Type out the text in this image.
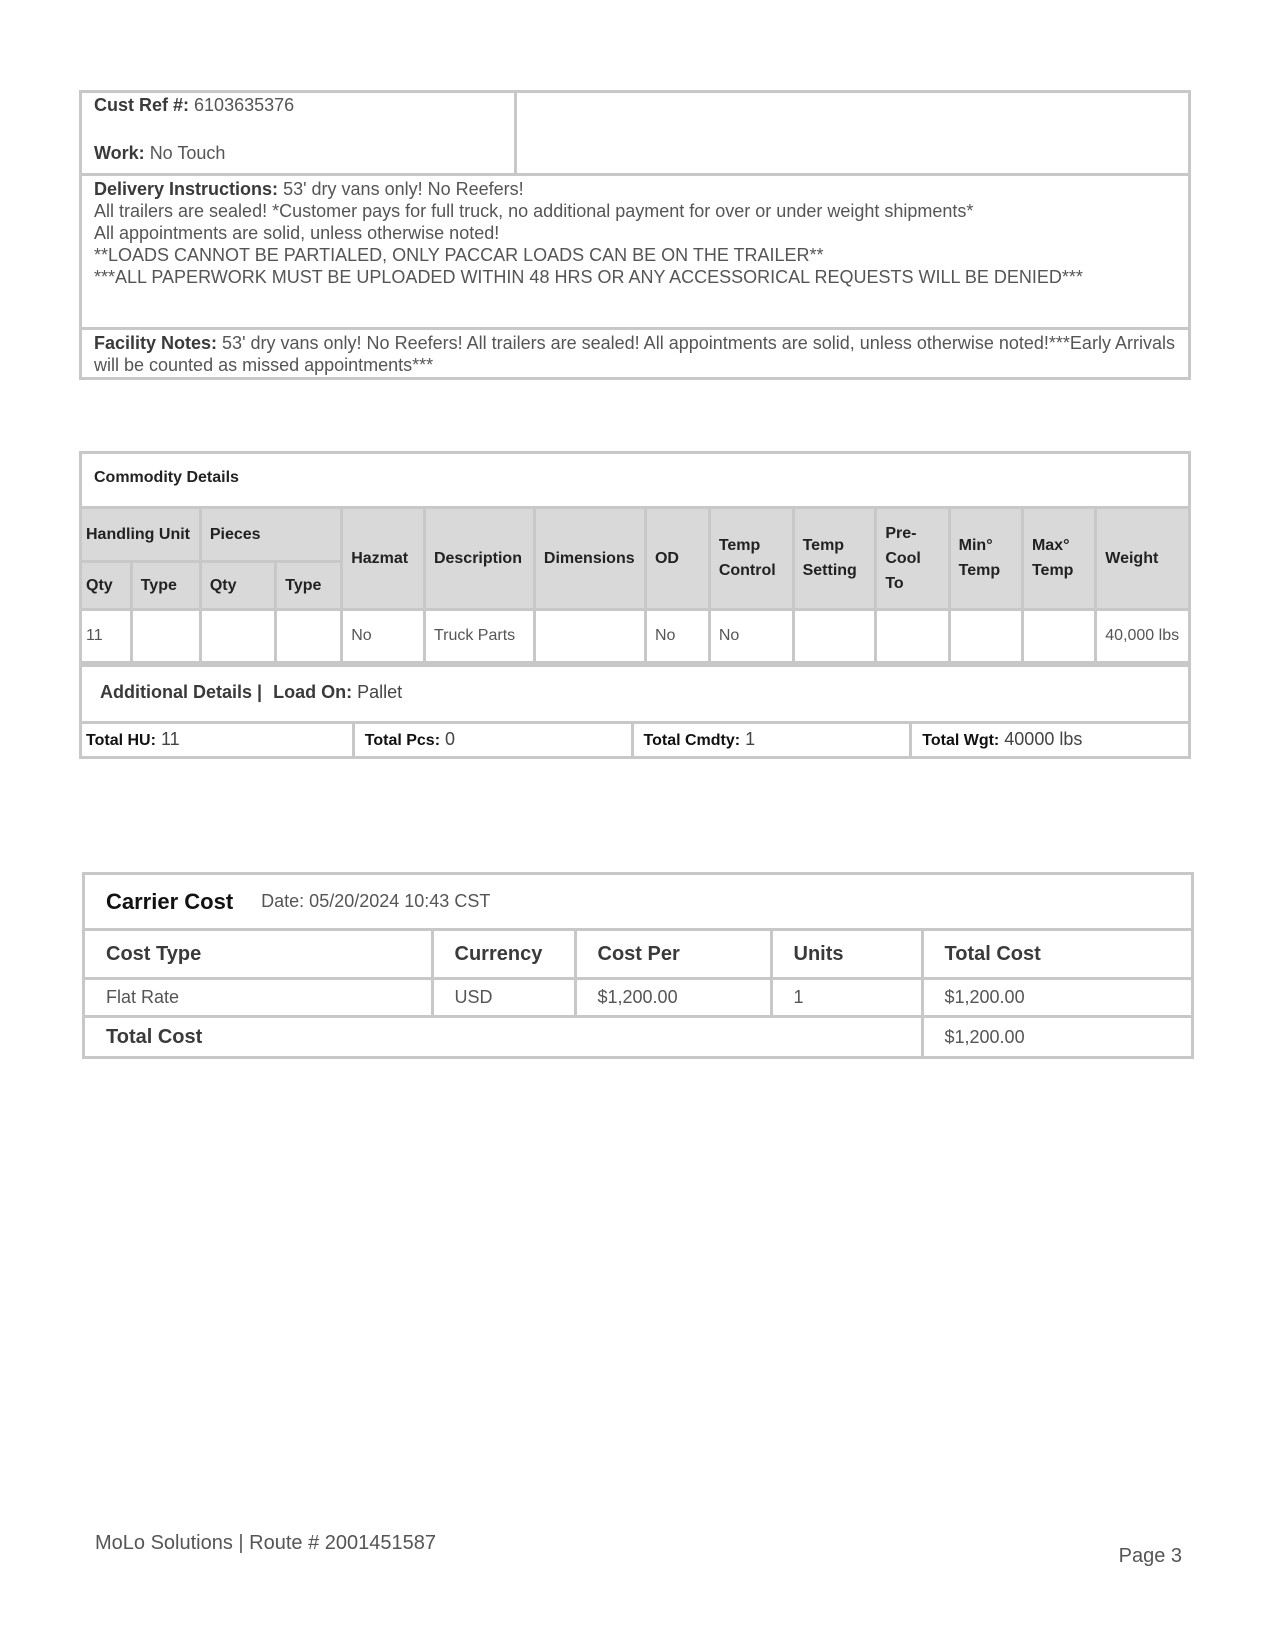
Cust Ref #: 6103635376
Work: No Touch
Delivery Instructions: 53' dry vans only! No Reefers!
All trailers are sealed! *Customer pays for full truck, no additional payment for over or under weight shipments*
All appointments are solid, unless otherwise noted!
**LOADS CANNOT BE PARTIALED, ONLY PACCAR LOADS CAN BE ON THE TRAILER**
***ALL PAPERWORK MUST BE UPLOADED WITHIN 48 HRS OR ANY ACCESSORICAL REQUESTS WILL BE DENIED***
Facility Notes: 53' dry vans only! No Reefers! All trailers are sealed! All appointments are solid, unless otherwise noted!***Early Arrivals will be counted as missed appointments***
Commodity Details
Handling Unit		Pieces		Hazmat	Description	Dimensions	OD	Temp Control	Temp Setting	Pre-Cool To	Min° Temp	Max° Temp	Weight
Qty	Type	Qty	Type										
11				No	Truck Parts		No	No					40,000 lbs
Additional Details | Load On: Pallet
Total HU: 11	Total Pcs: 0	Total Cmdty: 1	Total Wgt: 40000 lbs
Carrier Cost Date: 05/20/2024 10:43 CST
Cost Type	Currency	Cost Per	Units	Total Cost
Flat Rate	USD	$1,200.00	1	$1,200.00
Total Cost				$1,200.00
MoLo Solutions | Route # 2001451587
Page 3
